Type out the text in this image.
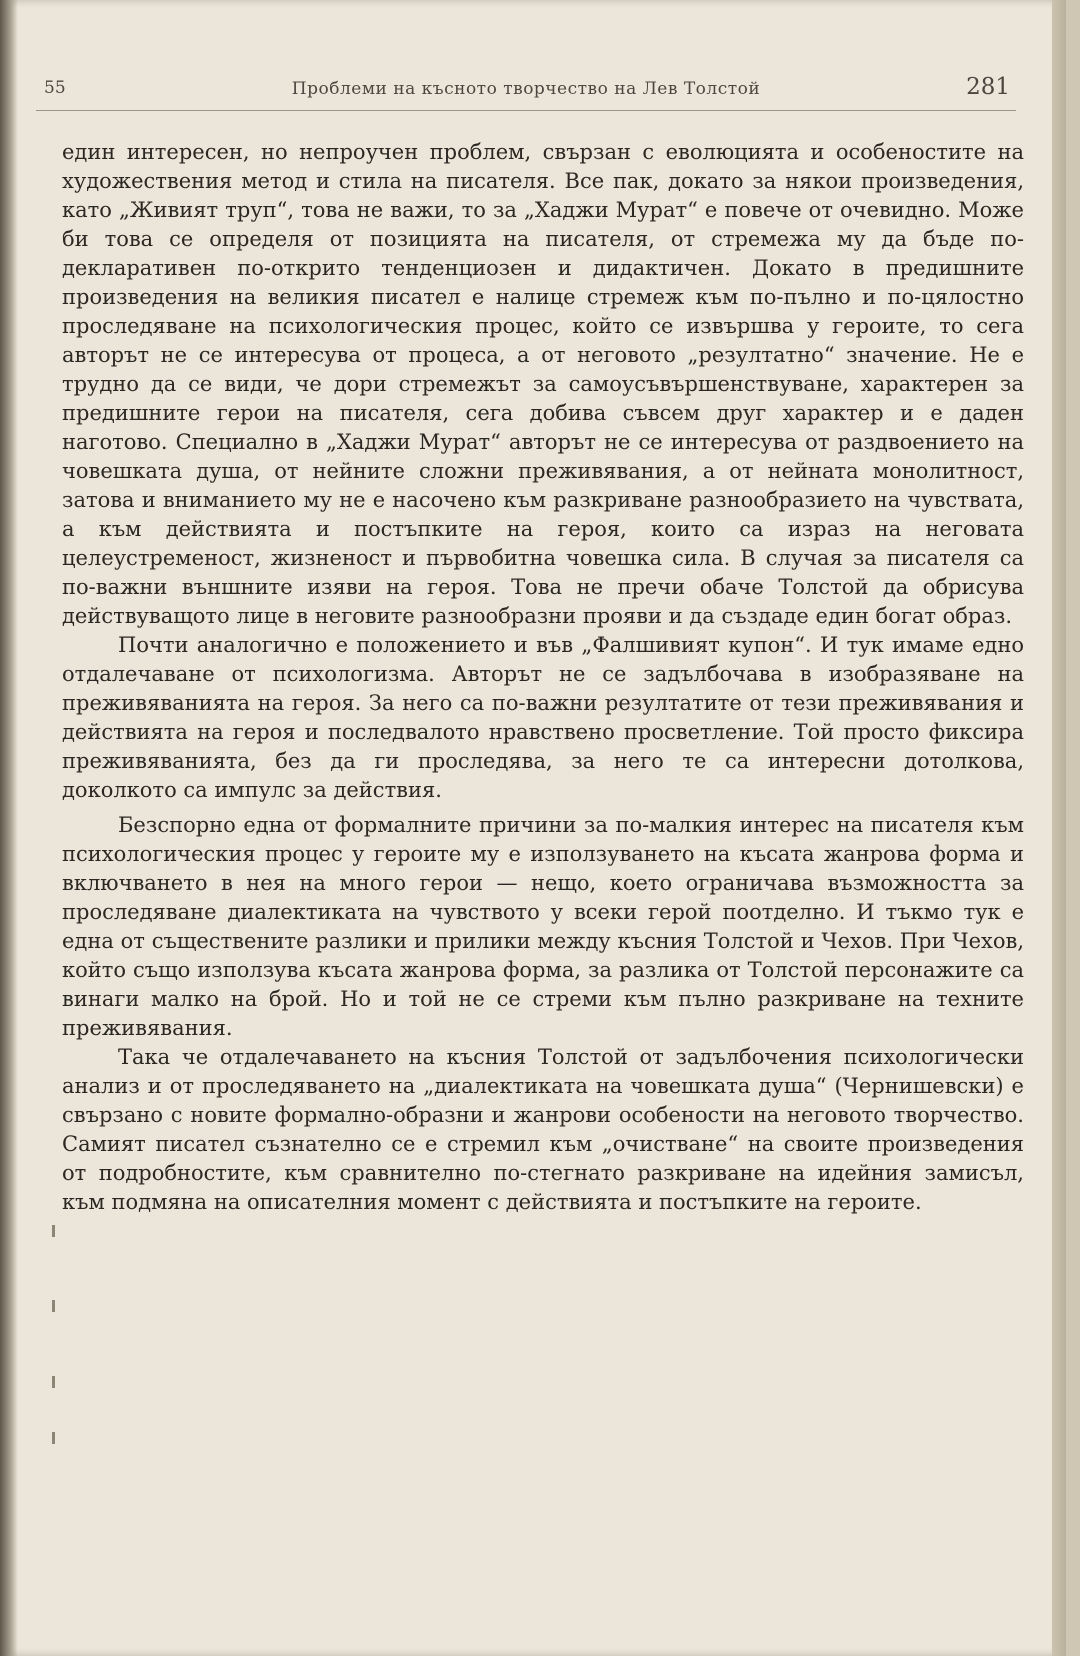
55	Проблеми на късното творчество на Лев Толстой	281

един интересен, но непроучен проблем, свързан с еволюцията и особеностите на художествения метод и стила на писателя. Все пак, докато за някои произведения, като „Живият труп“, това не важи, то за „Хаджи Мурат“ е повече от очевидно. Може би това се определя от позицията на писателя, от стремежа му да бъде по-декларативен по-открито тенденциозен и дидактичен. Докато в предишните произведения на великия писател е налице стремеж към по-пълно и по-цялостно проследяване на психологическия процес, който се извършва у героите, то сега авторът не се интересува от процеса, а от неговото „резултатно“ значение. Не е трудно да се види, че дори стремежът за самоусъвършенствуване, характерен за предишните герои на писателя, сега добива съвсем друг характер и е даден наготово. Специално в „Хаджи Мурат“ авторът не се интересува от раздвоението на човешката душа, от нейните сложни преживявания, а от нейната монолитност, затова и вниманието му не е насочено към разкриване разнообразието на чувствата, а към действията и постъпките на героя, които са израз на неговата целеустременост, жизненост и първобитна човешка сила. В случая за писателя са по-важни външните изяви на героя. Това не пречи обаче Толстой да обрисува действуващото лице в неговите разнообразни прояви и да създаде един богат образ.

Почти аналогично е положението и във „Фалшивият купон“. И тук имаме едно отдалечаване от психологизма. Авторът не се задълбочава в изобразяване на преживяванията на героя. За него са по-важни резултатите от тези преживявания и действията на героя и последвалото нравствено просветление. Той просто фиксира преживяванията, без да ги проследява, за него те са интересни дотолкова, доколкото са импулс за действия.

Безспорно една от формалните причини за по-малкия интерес на писателя към психологическия процес у героите му е използуването на късата жанрова форма и включването в нея на много герои — нещо, което ограничава възможността за проследяване диалектиката на чувството у всеки герой поотделно. И тъкмо тук е една от съществените разлики и прилики между късния Толстой и Чехов. При Чехов, който също използува късата жанрова форма, за разлика от Толстой персонажите са винаги малко на брой. Но и той не се стреми към пълно разкриване на техните преживявания.

Така че отдалечаването на късния Толстой от задълбочения психологически анализ и от проследяването на „диалектиката на човешката душа“ (Чернишевски) е свързано с новите формално-образни и жанрови особености на неговото творчество. Самият писател съзнателно се е стремил към „очистване“ на своите произведения от подробностите, към сравнително по-стегнато разкриване на идейния замисъл, към подмяна на описателния момент с действията и постъпките на героите.
